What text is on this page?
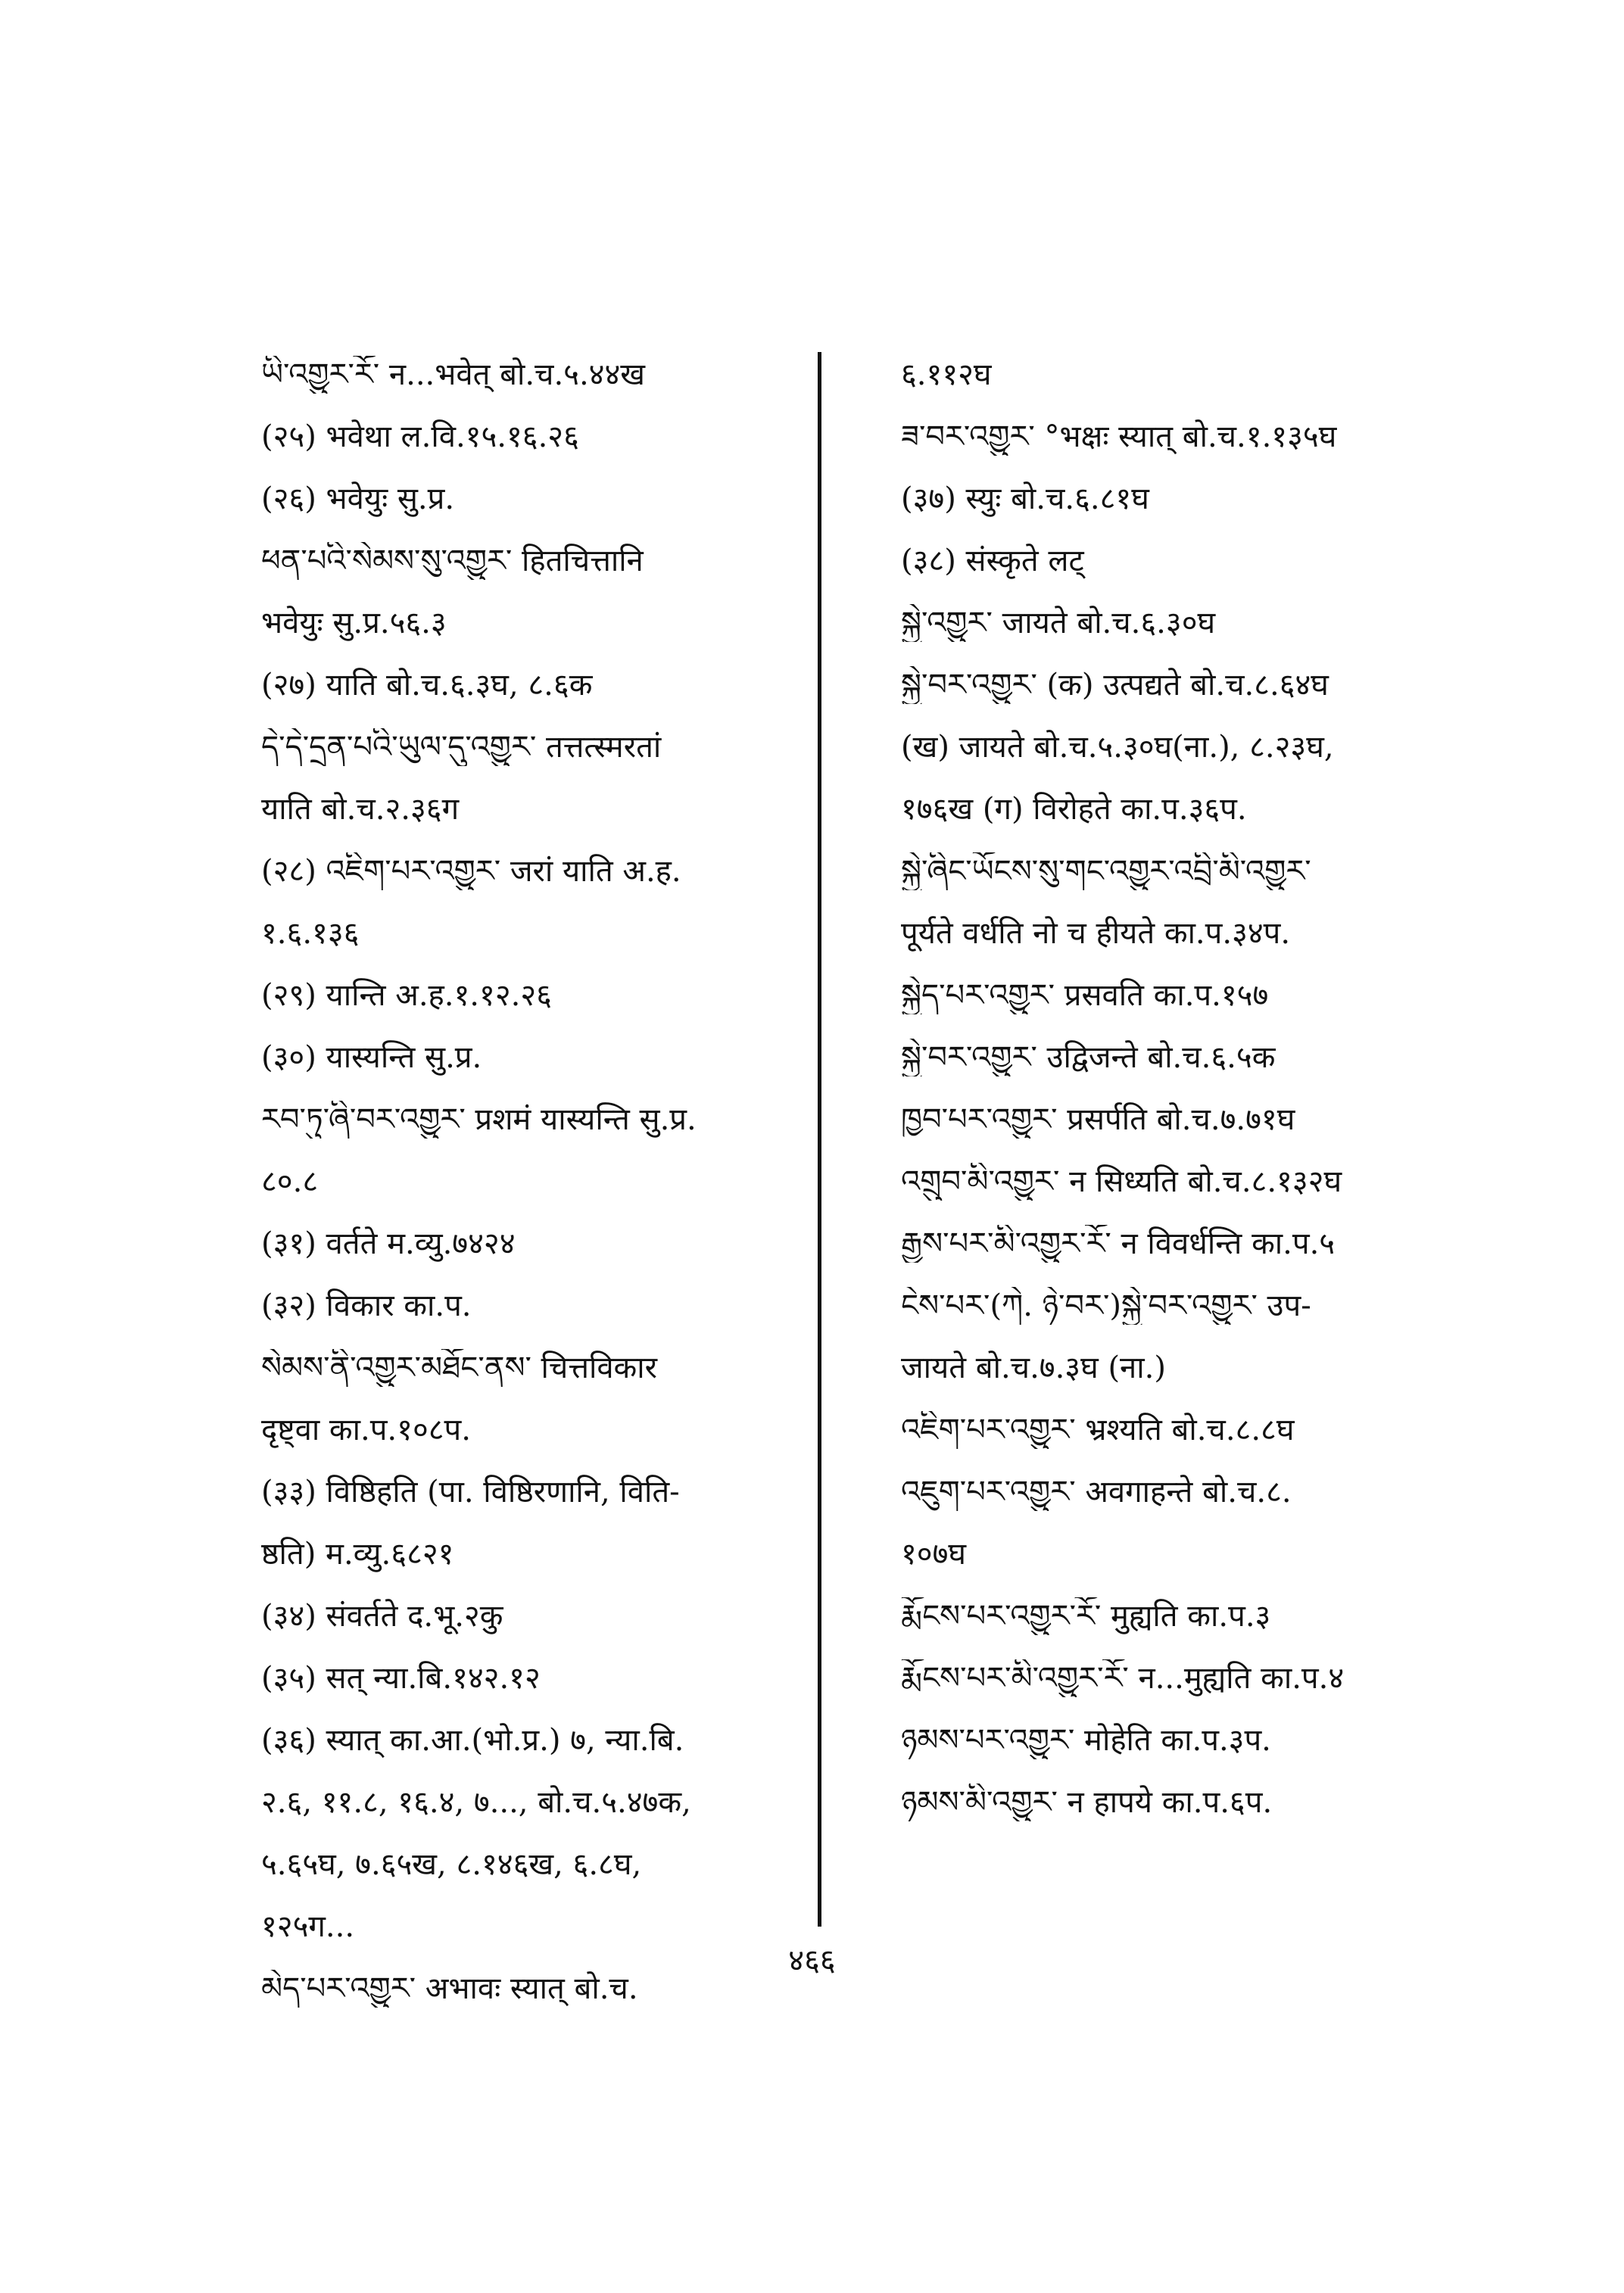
ཡི་འགྱུར་རོ་ न...भवेत् बो.च.५.४४ख
(२५) भवेथा ल.वि.१५.१६.२६
(२६) भवेयुः सु.प्र.
ཕན་པའི་སེམས་སུ་འགྱུར་ हितचित्तानि
भवेयुः सु.प्र.५६.३
(२७) याति बो.च.६.३घ, ८.६क
དེ་དེ་དྲན་པའི་ཡུལ་དུ་འགྱུར་ तत्तत्स्मरतां
याति बो.च.२.३६ग
(२८) འཇིག་པར་འགྱུར་ जरां याति अ.ह.
१.६.१३६
(२९) यान्ति अ.ह.१.१२.२६
(३०) यास्यन्ति सु.प्र.
རབ་ཏུ་ཞི་བར་འགྱུར་ प्रशमं यास्यन्ति सु.प्र.
८०.८
(३१) वर्तते म.व्यु.७४२४
(३२) विकार का.प.
སེམས་ནི་འགྱུར་མཐོང་ནས་ चित्तविकार
दृष्ट्वा का.प.१०८प.
(३३) विष्ठिहति (पा. विष्ठिरणानि, विति-
ष्ठति) म.व्यु.६८२१
(३४) संवर्तते द.भू.२कु
(३५) सत् न्या.बि.१४२.१२
(३६) स्यात् का.आ.(भो.प्र.) ७, न्या.बि.
२.६, ११.८, १६.४, ७..., बो.च.५.४७क,
५.६५घ, ७.६५ख, ८.१४६ख, ६.८घ,
१२५ग...
མེད་པར་འགྱུར་ अभावः स्यात् बो.च.
६.११२घ
ཟ་བར་འགྱུར་ °भक्षः स्यात् बो.च.१.१३५घ
(३७) स्युः बो.च.६.८१घ
(३८) संस्कृते लट्
སྐྱེ་འགྱུར་ जायते बो.च.६.३०घ
སྐྱེ་བར་འགྱུར་ (क) उत्पद्यते बो.च.८.६४घ
(ख) जायते बो.च.५.३०घ(ना.), ८.२३घ,
१७६ख (ग) विरोहते का.प.३६प.
སྐྱེ་ཞིང་ཡོངས་སུ་གང་འགྱུར་འབྲི་མི་འགྱུར་
पूर्यते वर्धति नो च हीयते का.प.३४प.
སྐྱེད་པར་འགྱུར་ प्रसवति का.प.१५७
སྐྱེ་བར་འགྱུར་ उद्विजन्ते बो.च.६.५क
ཁྱབ་པར་འགྱུར་ प्रसर्पति बो.च.७.७१घ
འགྲུབ་མི་འགྱུར་ न सिध्यति बो.च.८.१३२घ
རྒྱས་པར་མི་འགྱུར་རོ་ न विवर्धन्ति का.प.५
ངེས་པར་(ཀེ. ཉེ་བར་)སྐྱེ་བར་འགྱུར་ उप-
जायते बो.च.७.३घ (ना.)
འཇིག་པར་འགྱུར་ भ्रश्यति बो.च.८.८घ
འཇུག་པར་འགྱུར་ अवगाहन्ते बो.च.८.
१०७घ
རྨོངས་པར་འགྱུར་རོ་ मुह्यति का.प.३
རྨོངས་པར་མི་འགྱུར་རོ་ न...मुह्यति का.प.४
ཉམས་པར་འགྱུར་ मोहेति का.प.३प.
ཉམས་མི་འགྱུར་ न हापये का.प.६प.
४६६
